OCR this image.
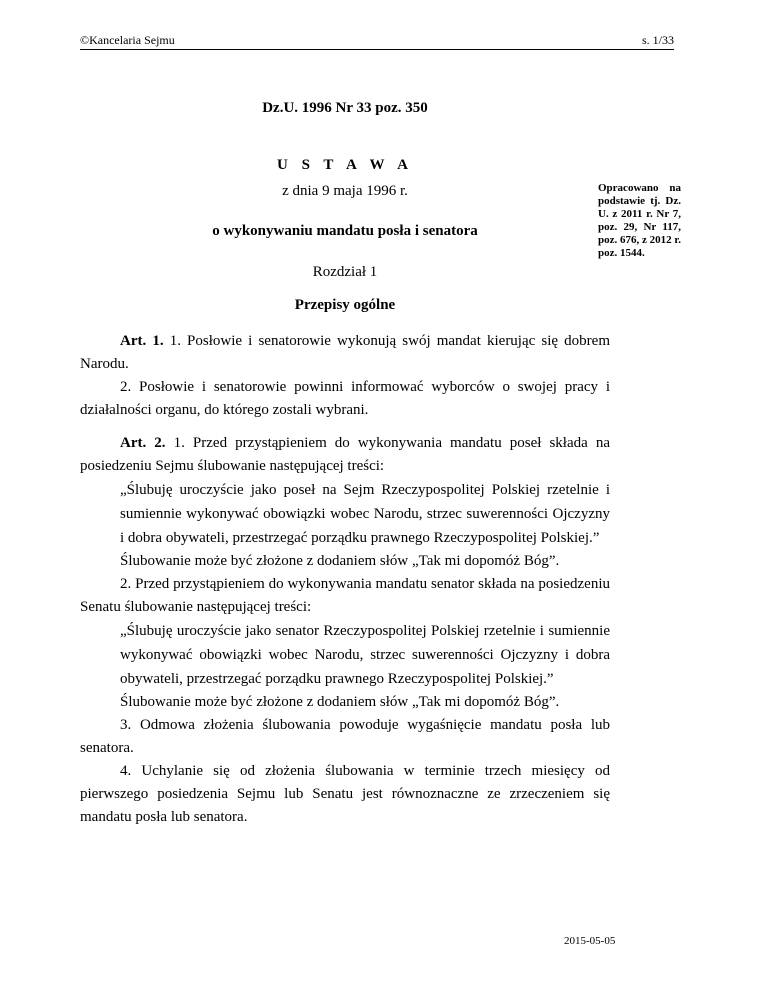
©Kancelaria Sejmu	s. 1/33
Dz.U. 1996 Nr 33 poz. 350
U S T A W A
z dnia 9 maja 1996 r.
o wykonywaniu mandatu posła i senatora
Rozdział 1
Przepisy ogólne
Opracowano na podstawie tj. Dz. U. z 2011 r. Nr 7, poz. 29, Nr 117, poz. 676, z 2012 r. poz. 1544.

Art. 1. 1. Posłowie i senatorowie wykonują swój mandat kierując się dobrem Narodu.

2. Posłowie i senatorowie powinni informować wyborców o swojej pracy i działalności organu, do którego zostali wybrani.

Art. 2. 1. Przed przystąpieniem do wykonywania mandatu poseł składa na posiedzeniu Sejmu ślubowanie następującej treści:

„Ślubuję uroczyście jako poseł na Sejm Rzeczypospolitej Polskiej rzetelnie i sumiennie wykonywać obowiązki wobec Narodu, strzec suwerenności Ojczyzny i dobra obywateli, przestrzegać porządku prawnego Rzeczypospolitej Polskiej.”

Ślubowanie może być złożone z dodaniem słów „Tak mi dopomóż Bóg”.

2. Przed przystąpieniem do wykonywania mandatu senator składa na posiedzeniu Senatu ślubowanie następującej treści:

„Ślubuję uroczyście jako senator Rzeczypospolitej Polskiej rzetelnie i sumiennie wykonywać obowiązki wobec Narodu, strzec suwerenności Ojczyzny i dobra obywateli, przestrzegać porządku prawnego Rzeczypospolitej Polskiej.”

Ślubowanie może być złożone z dodaniem słów „Tak mi dopomóż Bóg”.

3. Odmowa złożenia ślubowania powoduje wygaśnięcie mandatu posła lub senatora.

4. Uchylanie się od złożenia ślubowania w terminie trzech miesięcy od pierwszego posiedzenia Sejmu lub Senatu jest równoznaczne ze zrzeczeniem się mandatu posła lub senatora.

2015-05-05
